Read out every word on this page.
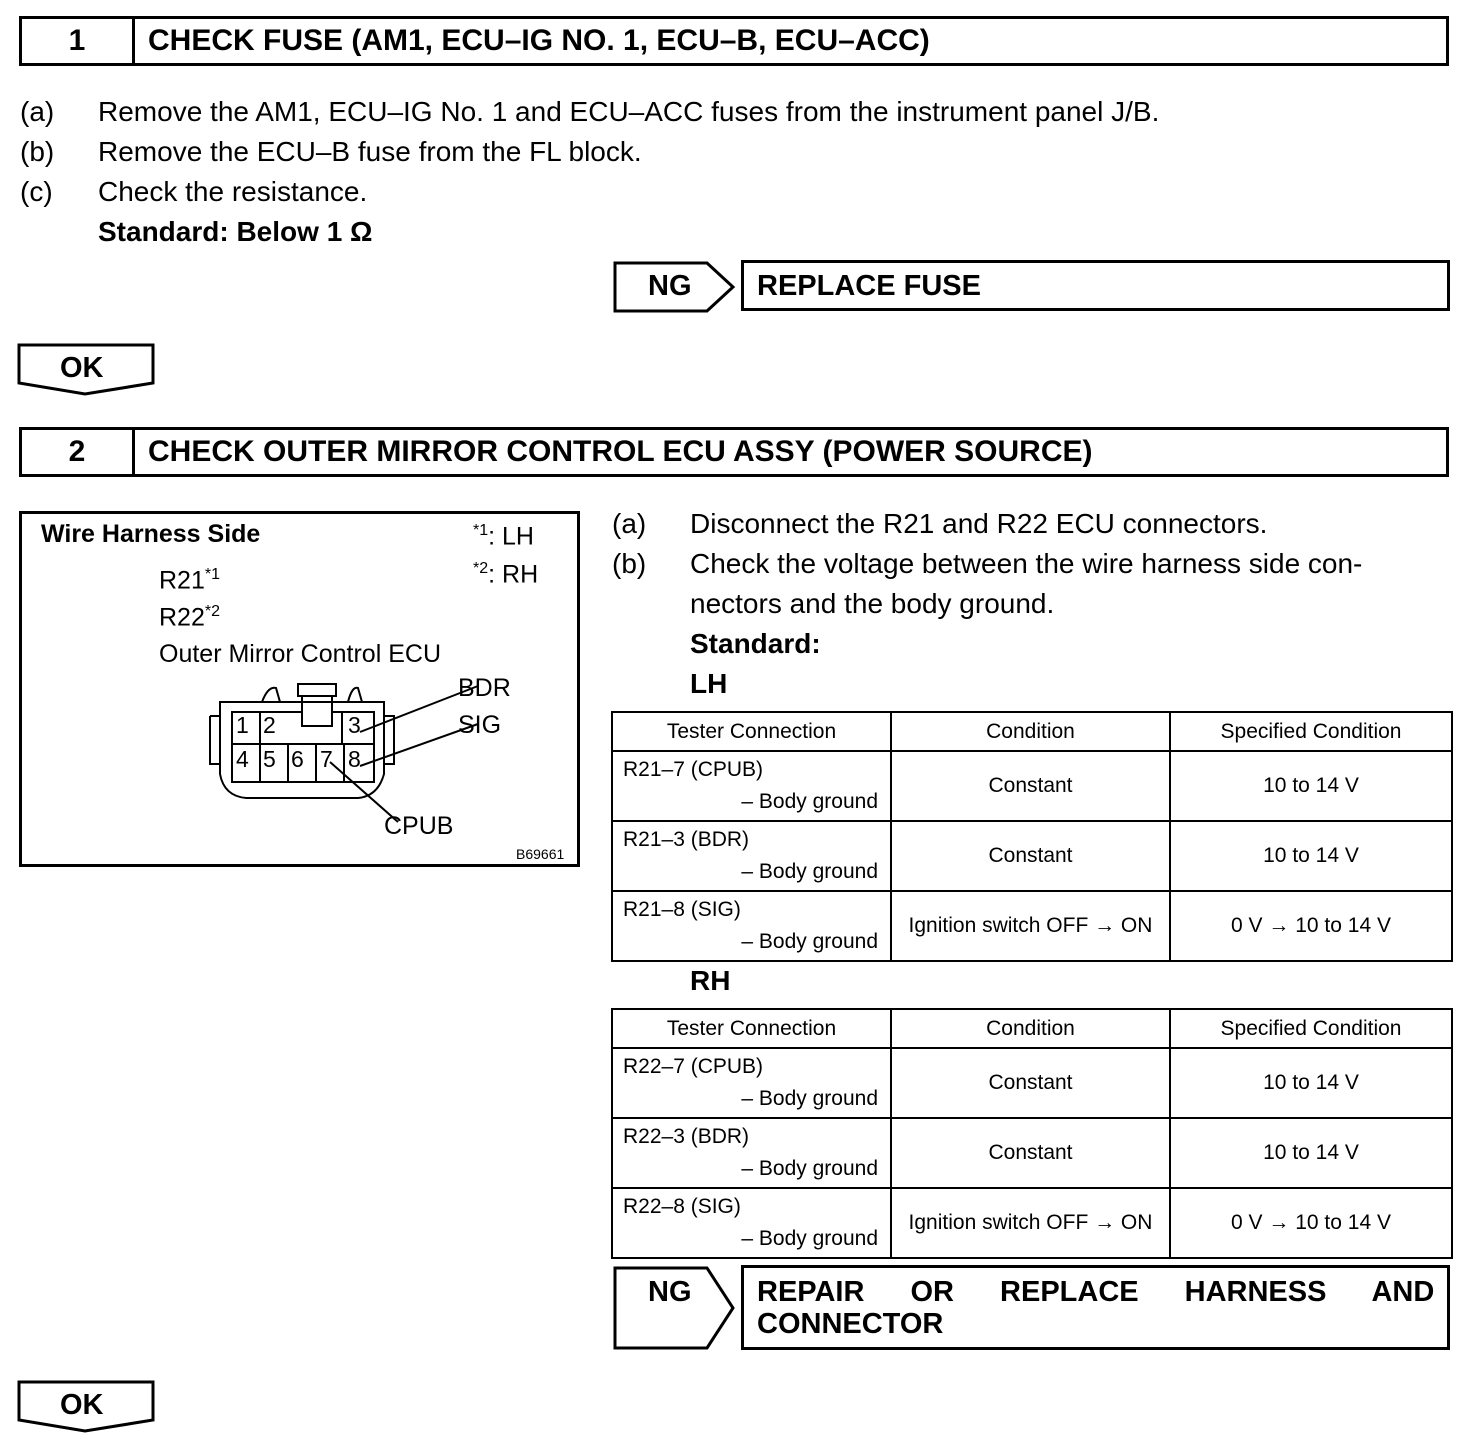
1	CHECK FUSE (AM1, ECU–IG NO. 1, ECU–B, ECU–ACC)
(a) Remove the AM1, ECU–IG No. 1 and ECU–ACC fuses from the instrument panel J/B.
(b) Remove the ECU–B fuse from the FL block.
(c) Check the resistance.
Standard: Below 1 Ω
NG REPLACE FUSE
OK
2	CHECK OUTER MIRROR CONTROL ECU ASSY (POWER SOURCE)
Wire Harness Side	$^{*1}$: LH
$^{*2}$: RH
R21$^{*1}$
R22$^{*2}$
Outer Mirror Control ECU
1 2	3
4 5 6 7 8
BDR
SIG
CPUB
B69661
(a) Disconnect the R21 and R22 ECU connectors.
(b) Check the voltage between the wire harness side con-
nectors and the body ground.
Standard:
LH
Tester Connection	Condition	Specified Condition

R21–7 (CPUB)
– Body ground	Constant	10 to 14 V

R21–3 (BDR)
– Body ground	Constant	10 to 14 V

R21–8 (SIG)
– Body ground	Ignition switch OFF → ON	0 V → 10 to 14 V
RH
Tester Connection	Condition	Specified Condition

R22–7 (CPUB)
– Body ground	Constant	10 to 14 V

R22–3 (BDR)
– Body ground	Constant	10 to 14 V

R22–8 (SIG)
– Body ground	Ignition switch OFF → ON	0 V → 10 to 14 V
NG REPAIR OR REPLACE HARNESS AND
CONNECTOR
OK
